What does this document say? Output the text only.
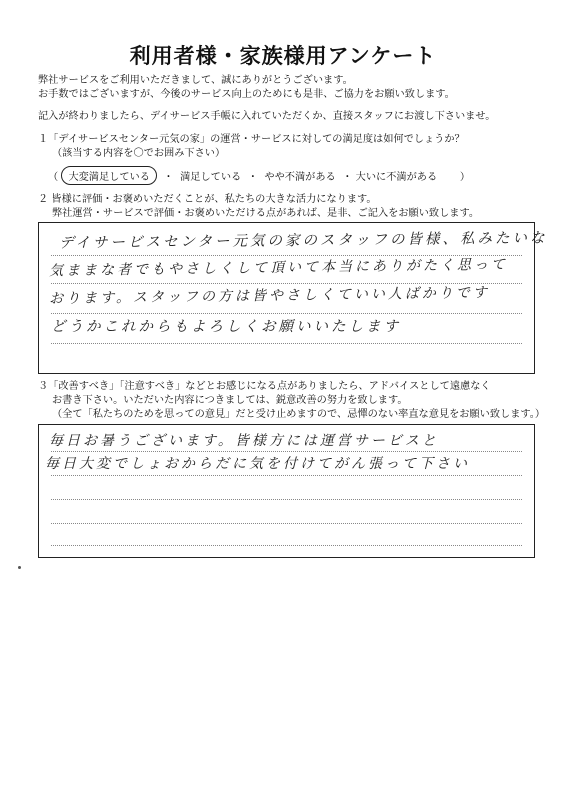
利用者様・家族様用アンケート
弊社サービスをご利用いただきまして、誠にありがとうございます。
お手数ではございますが、今後のサービス向上のためにも是非、ご協力をお願い致します。
記入が終わりましたら、デイサービス手帳に入れていただくか、直接スタッフにお渡し下さいませ。
１「デイサービスセンター元気の家」の運営・サービスに対しての満足度は如何でしょうか？
（該当する内容を〇でお囲み下さい）
（ 大変満足している  ・  満足している  ・  やや不満がある  ・ 大いに不満がある       ）
２ 皆様に評価・お褒めいただくことが、私たちの大きな活力になります。
弊社運営・サービスで評価・お褒めいただける点があれば、是非、ご記入をお願い致します。
デイサービスセンター元気の家のスタッフの皆様、私みたいな
気ままな者でもやさしくして頂いて本当にありがたく思って
おります。スタッフの方は皆やさしくていい人ばかりです
どうかこれからもよろしくお願いいたします
３「改善すべき」「注意すべき」などとお感じになる点がありましたら、アドバイスとして遠慮なく
お書き下さい。いただいた内容につきましては、鋭意改善の努力を致します。
（全て「私たちのためを思っての意見」だと受け止めますので、忌憚のない率直な意見をお願い致します。）
毎日お暑うございます。皆様方には運営サービスと
毎日大変でしょおからだに気を付けてがん張って下さい
